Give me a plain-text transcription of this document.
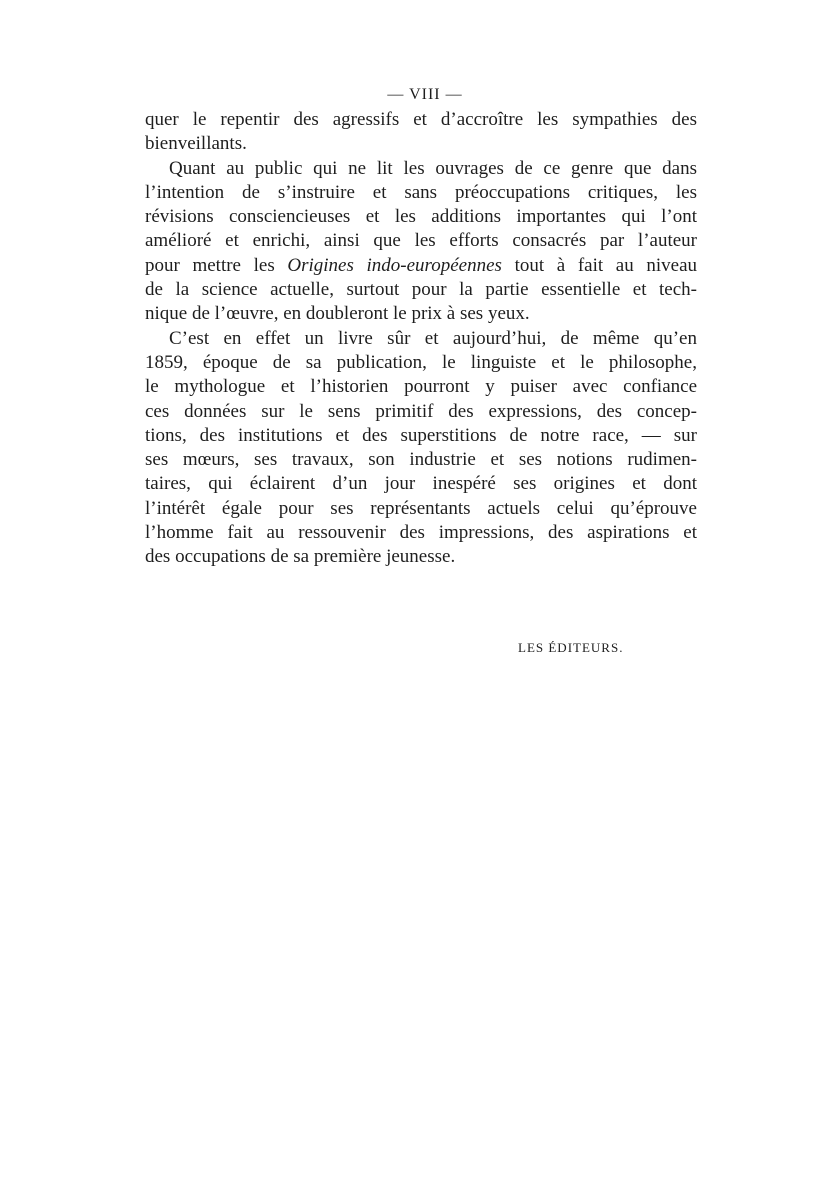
— VIII —
quer le repentir des agressifs et d’accroître les sympathies des
bienveillants.
Quant au public qui ne lit les ouvrages de ce genre que dans
l’intention de s’instruire et sans préoccupations critiques, les
révisions consciencieuses et les additions importantes qui l’ont
amélioré et enrichi, ainsi que les efforts consacrés par l’auteur
pour mettre les Origines indo-européennes tout à fait au niveau
de la science actuelle, surtout pour la partie essentielle et tech-
nique de l’œuvre, en doubleront le prix à ses yeux.
C’est en effet un livre sûr et aujourd’hui, de même qu’en
1859, époque de sa publication, le linguiste et le philosophe,
le mythologue et l’historien pourront y puiser avec confiance
ces données sur le sens primitif des expressions, des concep-
tions, des institutions et des superstitions de notre race, — sur
ses mœurs, ses travaux, son industrie et ses notions rudimen-
taires, qui éclairent d’un jour inespéré ses origines et dont
l’intérêt égale pour ses représentants actuels celui qu’éprouve
l’homme fait au ressouvenir des impressions, des aspirations et
des occupations de sa première jeunesse.
LES ÉDITEURS.
